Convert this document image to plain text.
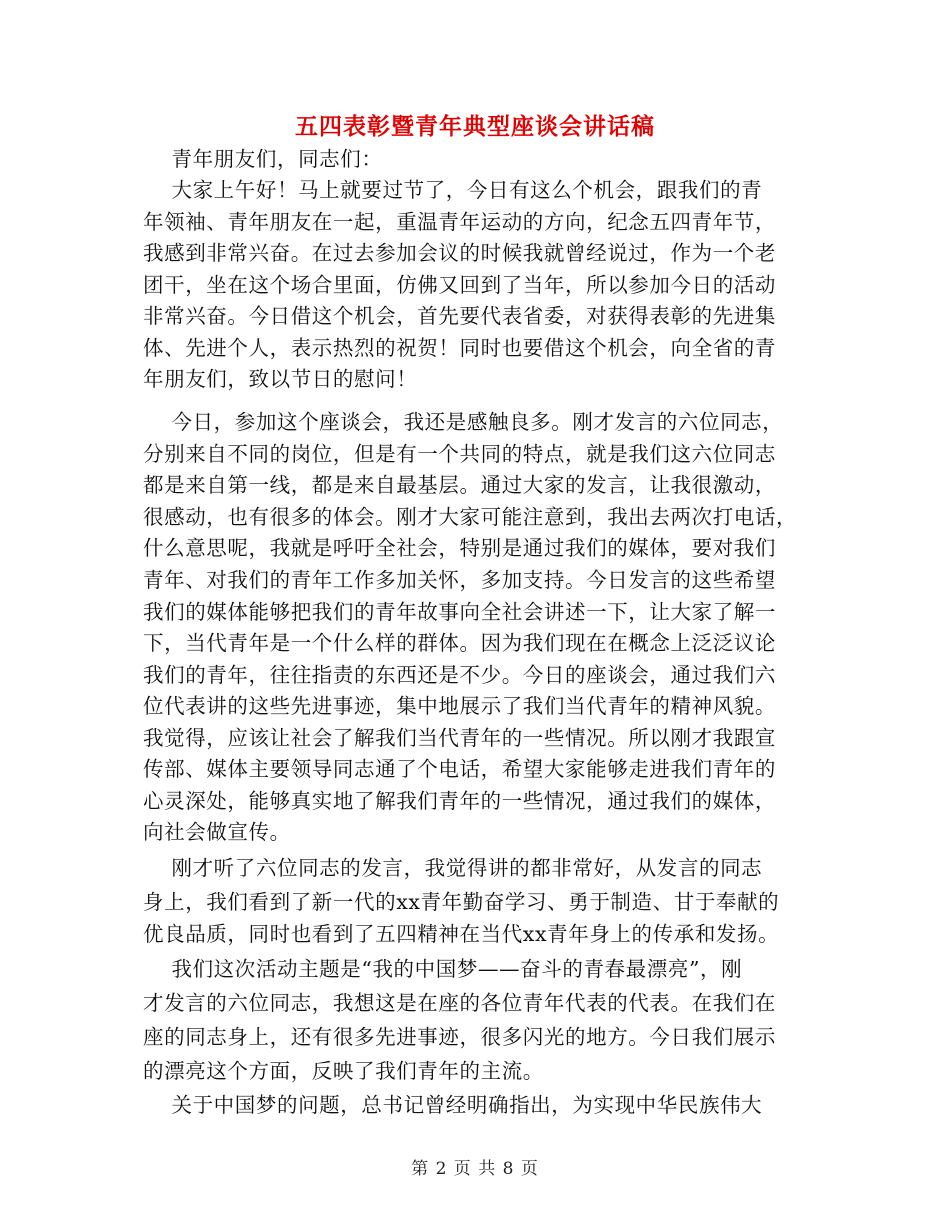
五四表彰暨青年典型座谈会讲话稿
青年朋友们，同志们：
大家上午好！马上就要过节了，今日有这么个机会，跟我们的青
年领袖、青年朋友在一起，重温青年运动的方向，纪念五四青年节，
我感到非常兴奋。在过去参加会议的时候我就曾经说过，作为一个老
团干，坐在这个场合里面，仿佛又回到了当年，所以参加今日的活动
非常兴奋。今日借这个机会，首先要代表省委，对获得表彰的先进集
体、先进个人，表示热烈的祝贺！同时也要借这个机会，向全省的青
年朋友们，致以节日的慰问！
今日，参加这个座谈会，我还是感触良多。刚才发言的六位同志，
分别来自不同的岗位，但是有一个共同的特点，就是我们这六位同志
都是来自第一线，都是来自最基层。通过大家的发言，让我很激动，
很感动，也有很多的体会。刚才大家可能注意到，我出去两次打电话，
什么意思呢，我就是呼吁全社会，特别是通过我们的媒体，要对我们
青年、对我们的青年工作多加关怀，多加支持。今日发言的这些希望
我们的媒体能够把我们的青年故事向全社会讲述一下，让大家了解一
下，当代青年是一个什么样的群体。因为我们现在在概念上泛泛议论
我们的青年，往往指责的东西还是不少。今日的座谈会，通过我们六
位代表讲的这些先进事迹，集中地展示了我们当代青年的精神风貌。
我觉得，应该让社会了解我们当代青年的一些情况。所以刚才我跟宣
传部、媒体主要领导同志通了个电话，希望大家能够走进我们青年的
心灵深处，能够真实地了解我们青年的一些情况，通过我们的媒体，
向社会做宣传。
刚才听了六位同志的发言，我觉得讲的都非常好，从发言的同志
身上，我们看到了新一代的xx青年勤奋学习、勇于制造、甘于奉献的
优良品质，同时也看到了五四精神在当代xx青年身上的传承和发扬。
我们这次活动主题是“我的中国梦——奋斗的青春最漂亮”，刚
才发言的六位同志，我想这是在座的各位青年代表的代表。在我们在
座的同志身上，还有很多先进事迹，很多闪光的地方。今日我们展示
的漂亮这个方面，反映了我们青年的主流。
关于中国梦的问题，总书记曾经明确指出，为实现中华民族伟大
第 2 页 共 8 页
